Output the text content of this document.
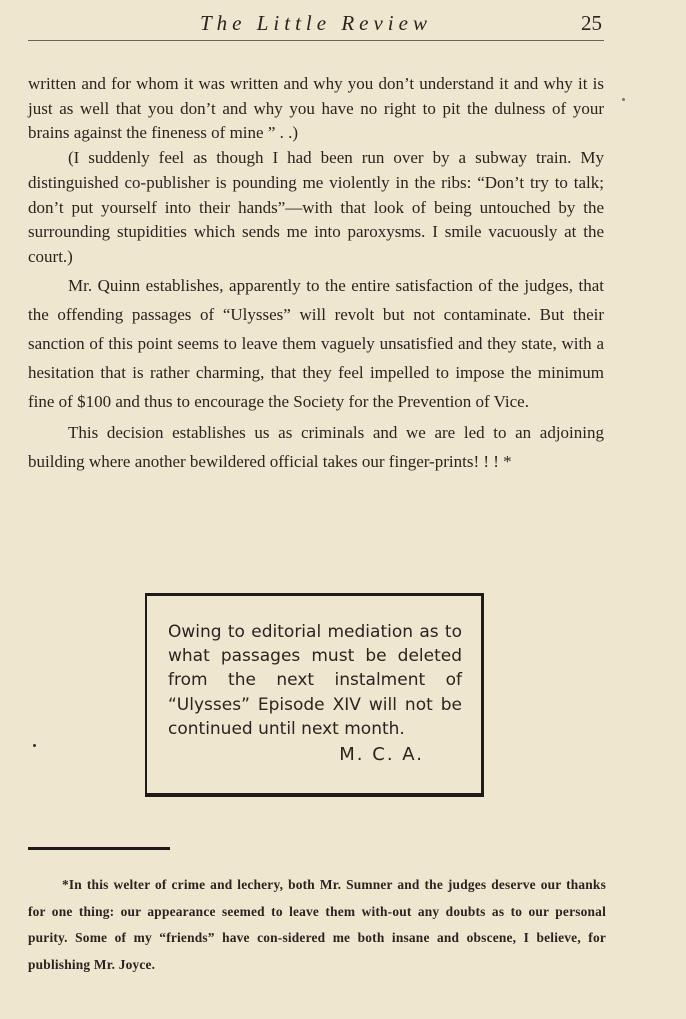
The Little Review	25

written and for whom it was written and why you don’t understand it and why it is just as well that you don’t and why you have no right to pit the dulness of your brains against the fineness of mine ” . .)

(I suddenly feel as though I had been run over by a subway train. My distinguished co-publisher is pounding me violently in the ribs: “Don’t try to talk; don’t put yourself into their hands”—with that look of being untouched by the surrounding stupidities which sends me into paroxysms. I smile vacuously at the court.)

Mr. Quinn establishes, apparently to the entire satisfaction of the judges, that the offending passages of “Ulysses” will revolt but not contaminate. But their sanction of this point seems to leave them vaguely unsatisfied and they state, with a hesitation that is rather charming, that they feel impelled to impose the minimum fine of $100 and thus to encourage the Society for the Prevention of Vice.

This decision establishes us as criminals and we are led to an adjoining building where another bewildered official takes our finger-prints! ! ! *

Owing to editorial mediation as to what passages must be deleted from the next instalment of “Ulysses” Episode XIV will not be continued until next month.

M. C. A.

*In this welter of crime and lechery, both Mr. Sumner and the judges deserve our thanks for one thing: our appearance seemed to leave them with-out any doubts as to our personal purity. Some of my “friends” have con-sidered me both insane and obscene, I believe, for publishing Mr. Joyce.
